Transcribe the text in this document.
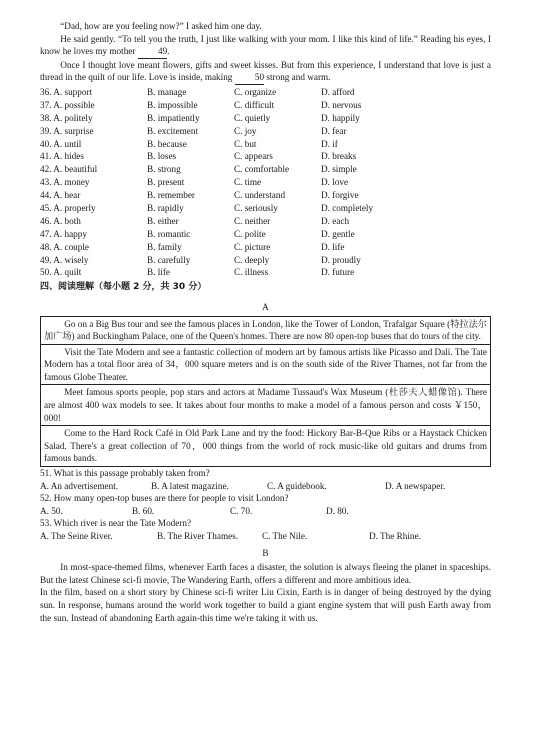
“Dad, how are you feeling now?” I asked him one day.

He said gently. “To tell you the truth, I just like walking with your mom. I like this kind of life.” Reading his eyes, I know he loves my mother 49.

Once I thought love meant flowers, gifts and sweet kisses. But from this experience, I understand that love is just a thread in the quilt of our life. Love is inside, making 50 strong and warm.

36. A. support	B. manage	C. organize	D. afford
37. A. possible	B. impossible	C. difficult	D. nervous
38. A. politely	B. impatiently	C. quietly	D. happily
39. A. surprise	B. excitement	C. joy	D. fear
40. A. until	B. because	C. but	D. if
41. A. hides	B. loses	C. appears	D. breaks
42. A. beautiful	B. strong	C. comfortable	D. simple
43. A. money	B. present	C. time	D. love
44. A. hear	B. remember	C. understand	D. forgive
45. A. properly	B. rapidly	C. seriously	D. completely
46. A. both	B. either	C. neither	D. each
47. A. happy	B. romantic	C. polite	D. gentle
48. A. couple	B. family	C. picture	D. life
49. A. wisely	B. carefully	C. deeply	D. proudly
50. A. quilt	B. life	C. illness	D. future
四、阅读理解（每小题 2 分，共 30 分）
A
Go on a Big Bus tour and see the famous places in London, like the Tower of London, Trafalgar Square (特拉法尔加广场) and Buckingham Palace, one of the Queen's homes. There are now 80 open-top buses that do tours of the city.
Visit the Tate Modern and see a fantastic collection of modern art by famous artists like Picasso and Dalí. The Tate Modern has a total floor area of 34，000 square meters and is on the south side of the River Thames, not far from the famous Globe Theater.
Meet famous sports people, pop stars and actors at Madame Tussaud's Wax Museum (杜莎夫人蜡像馆). There are almost 400 wax models to see. It takes about four months to make a model of a famous person and costs ￥150，000!
Come to the Hard Rock Café in Old Park Lane and try the food: Hickory Bar-B-Que Ribs or a Haystack Chicken Salad. There's a great collection of 70，000 things from the world of rock music-like old guitars and drums from famous bands.

51. What is this passage probably taken from?

A. An advertisement.	B. A latest magazine.	C. A guidebook.	D. A newspaper.

52. How many open-top buses are there for people to visit London?

A. 50.	B. 60.	C. 70.	D. 80.

53. Which river is near the Tate Modern?

A. The Seine River.	B. The River Thames.	C. The Nile.	D. The Rhine.
B

In most-space-themed films, whenever Earth faces a disaster, the solution is always fleeing the planet in spaceships. But the latest Chinese sci-fi movie, The Wandering Earth, offers a different and more ambitious idea.

In the film, based on a short story by Chinese sci-fi writer Liu Cixin, Earth is in danger of being destroyed by the dying sun. In response, humans around the world work together to build a giant engine system that will push Earth away from the sun. Instead of abandoning Earth again-this time we're taking it with us.
